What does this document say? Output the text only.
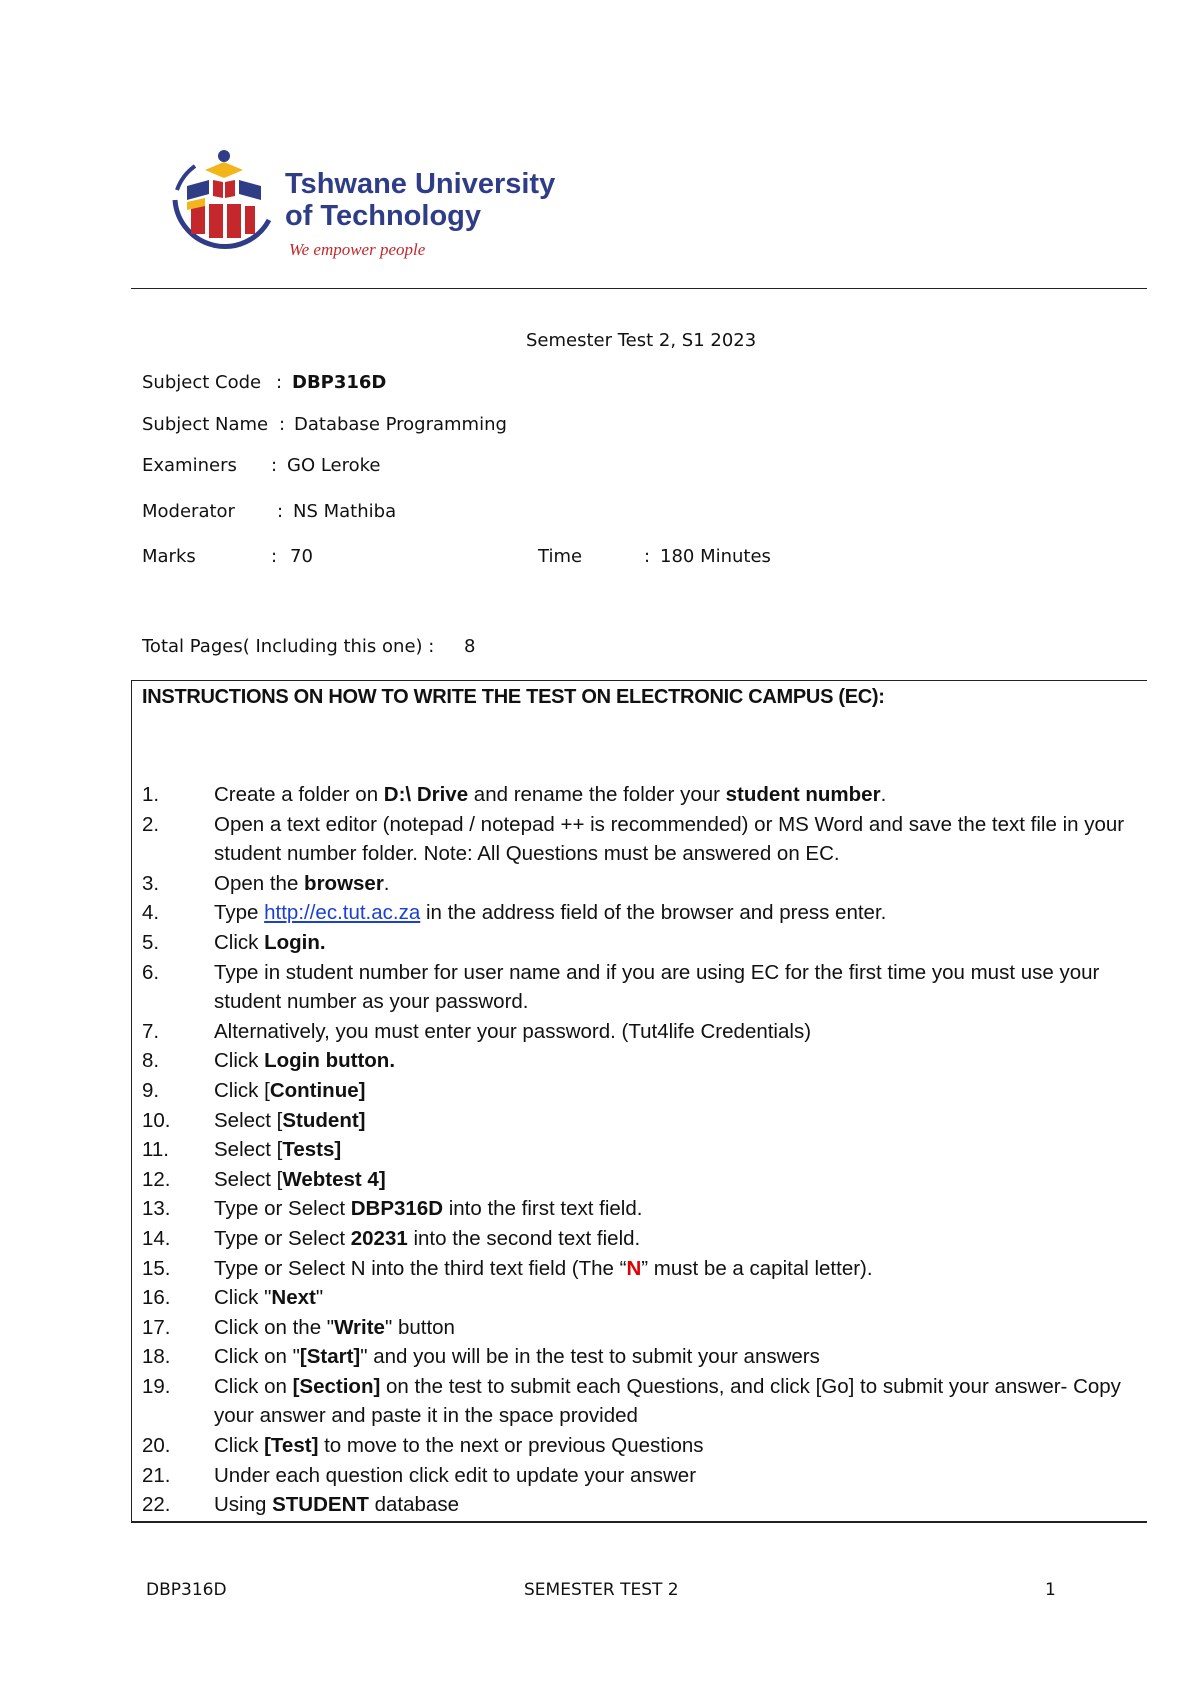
Tshwane University
of Technology
We empower people
Semester Test 2, S1 2023
Subject Code : DBP316D
Subject Name : Database Programming
Examiners : GO Leroke
Moderator : NS Mathiba
Marks	: 70	Time	: 180 Minutes
Total Pages( Including this one) : 8
INSTRUCTIONS ON HOW TO WRITE THE TEST ON ELECTRONIC CAMPUS (EC):
1.	Create a folder on D:\ Drive and rename the folder your student number.
2.	Open a text editor (notepad / notepad ++ is recommended) or MS Word and save the text file in your student number folder. Note: All Questions must be answered on EC.
3.	Open the browser.
4.	Type http://ec.tut.ac.za in the address field of the browser and press enter.
5.	Click Login.
6.	Type in student number for user name and if you are using EC for the first time you must use your student number as your password.
7.	Alternatively, you must enter your password. (Tut4life Credentials)
8.	Click Login button.
9.	Click [Continue]
10. Select [Student]
11. Select [Tests]
12. Select [Webtest 4]
13. Type or Select DBP316D into the first text field.
14. Type or Select 20231 into the second text field.
15. Type or Select N into the third text field (The “N” must be a capital letter).
16. Click "Next"
17. Click on the "Write" button
18. Click on "[Start]" and you will be in the test to submit your answers
19. Click on [Section] on the test to submit each Questions, and click [Go] to submit your answer- Copy your answer and paste it in the space provided
20. Click [Test] to move to the next or previous Questions
21. Under each question click edit to update your answer
22. Using STUDENT database
DBP316D	SEMESTER TEST 2	1
